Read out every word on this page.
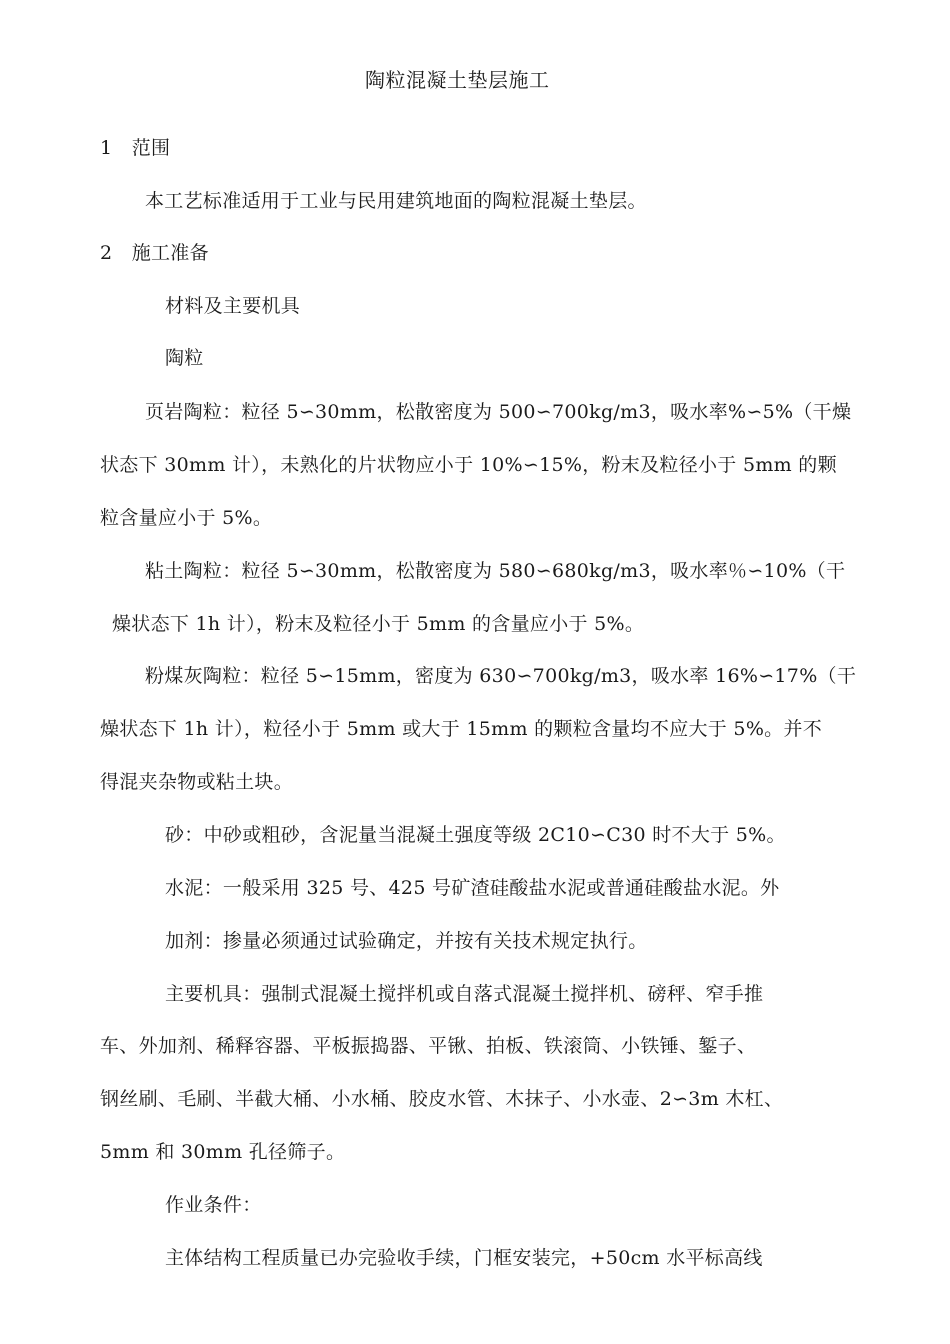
陶粒混凝土垫层施工
1　范围
本工艺标准适用于工业与民用建筑地面的陶粒混凝土垫层。
2　施工准备
材料及主要机具
陶粒
页岩陶粒：粒径 5∽30mm，松散密度为 500∽700kg/m3，吸水率%∽5%（干燥
状态下 30mm 计），未熟化的片状物应小于 10%∽15%，粉末及粒径小于 5mm 的颗
粒含量应小于 5%。
粘土陶粒：粒径 5∽30mm，松散密度为 580∽680kg/m3，吸水率％∽10%（干
燥状态下 1h 计），粉末及粒径小于 5mm 的含量应小于 5%。
粉煤灰陶粒：粒径 5∽15mm，密度为 630∽700kg/m3，吸水率 16%∽17%（干
燥状态下 1h 计），粒径小于 5mm 或大于 15mm 的颗粒含量均不应大于 5%。并不
得混夹杂物或粘土块。
砂：中砂或粗砂，含泥量当混凝土强度等级 2C10∽C30 时不大于 5%。
水泥：一般采用 325 号、425 号矿渣硅酸盐水泥或普通硅酸盐水泥。外
加剂：掺量必须通过试验确定，并按有关技术规定执行。
主要机具：强制式混凝土搅拌机或自落式混凝土搅拌机、磅秤、窄手推
车、外加剂、稀释容器、平板振捣器、平锹、拍板、铁滚筒、小铁锤、錾子、
钢丝刷、毛刷、半截大桶、小水桶、胶皮水管、木抹子、小水壶、2∽3m 木杠、
5mm 和 30mm 孔径筛子。
作业条件：
主体结构工程质量已办完验收手续，门框安装完，+50cm 水平标高线
